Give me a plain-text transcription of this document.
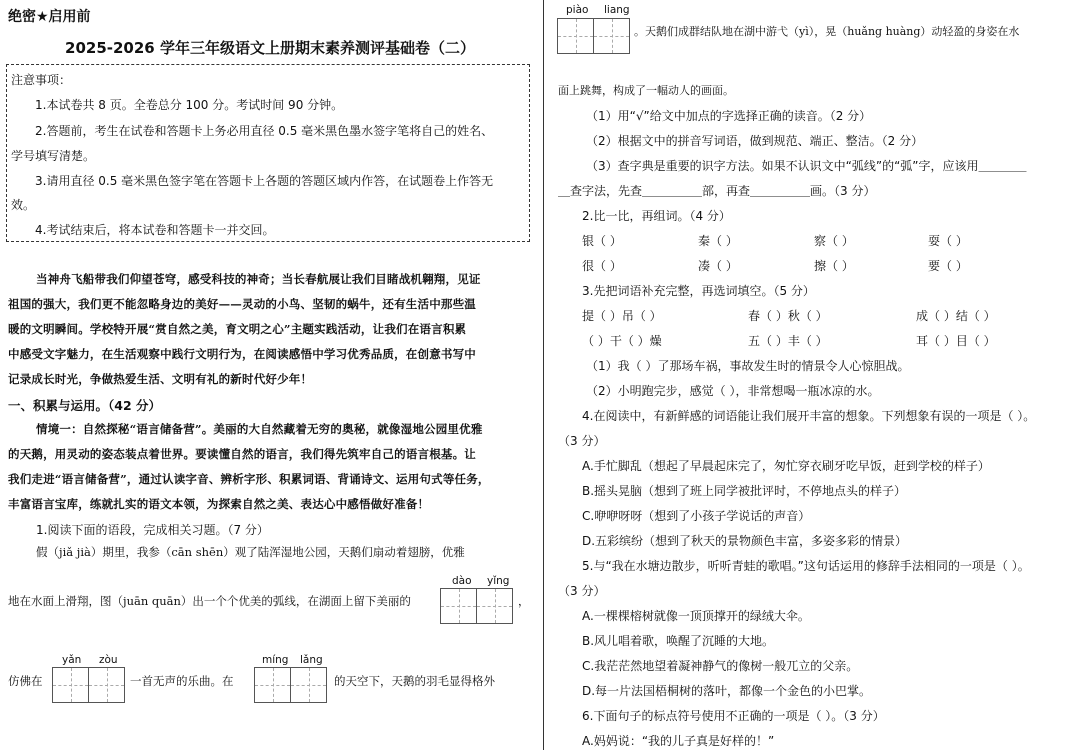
绝密★启用前
2025-2026 学年三年级语文上册期末素养测评基础卷（二）
注意事项：
1.本试卷共 8 页。全卷总分 100 分。考试时间 90 分钟。
2.答题前，考生在试卷和答题卡上务必用直径 0.5 毫米黑色墨水签字笔将自己的姓名、
学号填写清楚。
3.请用直径 0.5 毫米黑色签字笔在答题卡上各题的答题区域内作答，在试题卷上作答无
效。
4.考试结束后，将本试卷和答题卡一并交回。
当神舟飞船带我们仰望苍穹，感受科技的神奇；当长春航展让我们目睹战机翱翔，见证
祖国的强大，我们更不能忽略身边的美好——灵动的小鸟、坚韧的蜗牛，还有生活中那些温
暖的文明瞬间。学校特开展“赏自然之美，育文明之心”主题实践活动，让我们在语言积累
中感受文字魅力，在生活观察中践行文明行为，在阅读感悟中学习优秀品质，在创意书写中
记录成长时光，争做热爱生活、文明有礼的新时代好少年！
一、积累与运用。（42 分）
情境一：自然探秘“语言储备营”。美丽的大自然藏着无穷的奥秘，就像湿地公园里优雅
的天鹅，用灵动的姿态装点着世界。要读懂自然的语言，我们得先筑牢自己的语言根基。让
我们走进“语言储备营”，通过认读字音、辨析字形、积累词语、背诵诗文、运用句式等任务，
丰富语言宝库，练就扎实的语文本领，为探索自然之美、表达心中感悟做好准备！
1.阅读下面的语段，完成相关习题。（7 分）
假（jiǎ jià）期里，我参（cān shēn）观了陆浑湿地公园，天鹅们扇动着翅膀，优雅
地在水面上滑翔，图（juān quān）出一个个优美的弧线，在湖面上留下美丽的
dào yǐng
，
仿佛在
yǎn zòu
一首无声的乐曲。在
míng lǎng
的天空下，天鹅的羽毛显得格外
piào liang
。天鹅们成群结队地在湖中游弋（yì），晃（huǎng huàng）动轻盈的身姿在水
面上跳舞，构成了一幅动人的画面。
（1）用“√”给文中加点的字选择正确的读音。（2 分）
（2）根据文中的拼音写词语，做到规范、端正、整洁。（2 分）
（3）查字典是重要的识字方法。如果不认识文中“弧线”的“弧”字，应该用＿＿＿＿
＿查字法，先查＿＿＿＿＿部，再查＿＿＿＿＿画。（3 分）
2.比一比，再组词。（4 分）
银（ ）	秦（ ）	察（ ）	耍（ ）
很（ ）	凑（ ）	擦（ ）	要（ ）
3.先把词语补充完整，再选词填空。（5 分）
提（ ）吊（ ）	春（ ）秋（ ）	成（ ）结（ ）
（ ）干（ ）燥	五（ ）丰（ ）	耳（ ）目（ ）
（1）我（ ）了那场车祸，事故发生时的情景令人心惊胆战。
（2）小明跑完步，感觉（ ），非常想喝一瓶冰凉的水。
4.在阅读中，有新鲜感的词语能让我们展开丰富的想象。下列想象有误的一项是（ ）。
（3 分）
A.手忙脚乱（想起了早晨起床完了，匆忙穿衣刷牙吃早饭，赶到学校的样子）
B.摇头晃脑（想到了班上同学被批评时，不停地点头的样子）
C.咿咿呀呀（想到了小孩子学说话的声音）
D.五彩缤纷（想到了秋天的景物颜色丰富，多姿多彩的情景）
5.与“我在水塘边散步，听听青蛙的歌唱。”这句话运用的修辞手法相同的一项是（ ）。
（3 分）
A.一棵棵榕树就像一顶顶撑开的绿绒大伞。
B.风儿唱着歌，唤醒了沉睡的大地。
C.我茫茫然地望着凝神静气的像树一般兀立的父亲。
D.每一片法国梧桐树的落叶，都像一个金色的小巴掌。
6.下面句子的标点符号使用不正确的一项是（ ）。（3 分）
A.妈妈说：“我的儿子真是好样的！”
